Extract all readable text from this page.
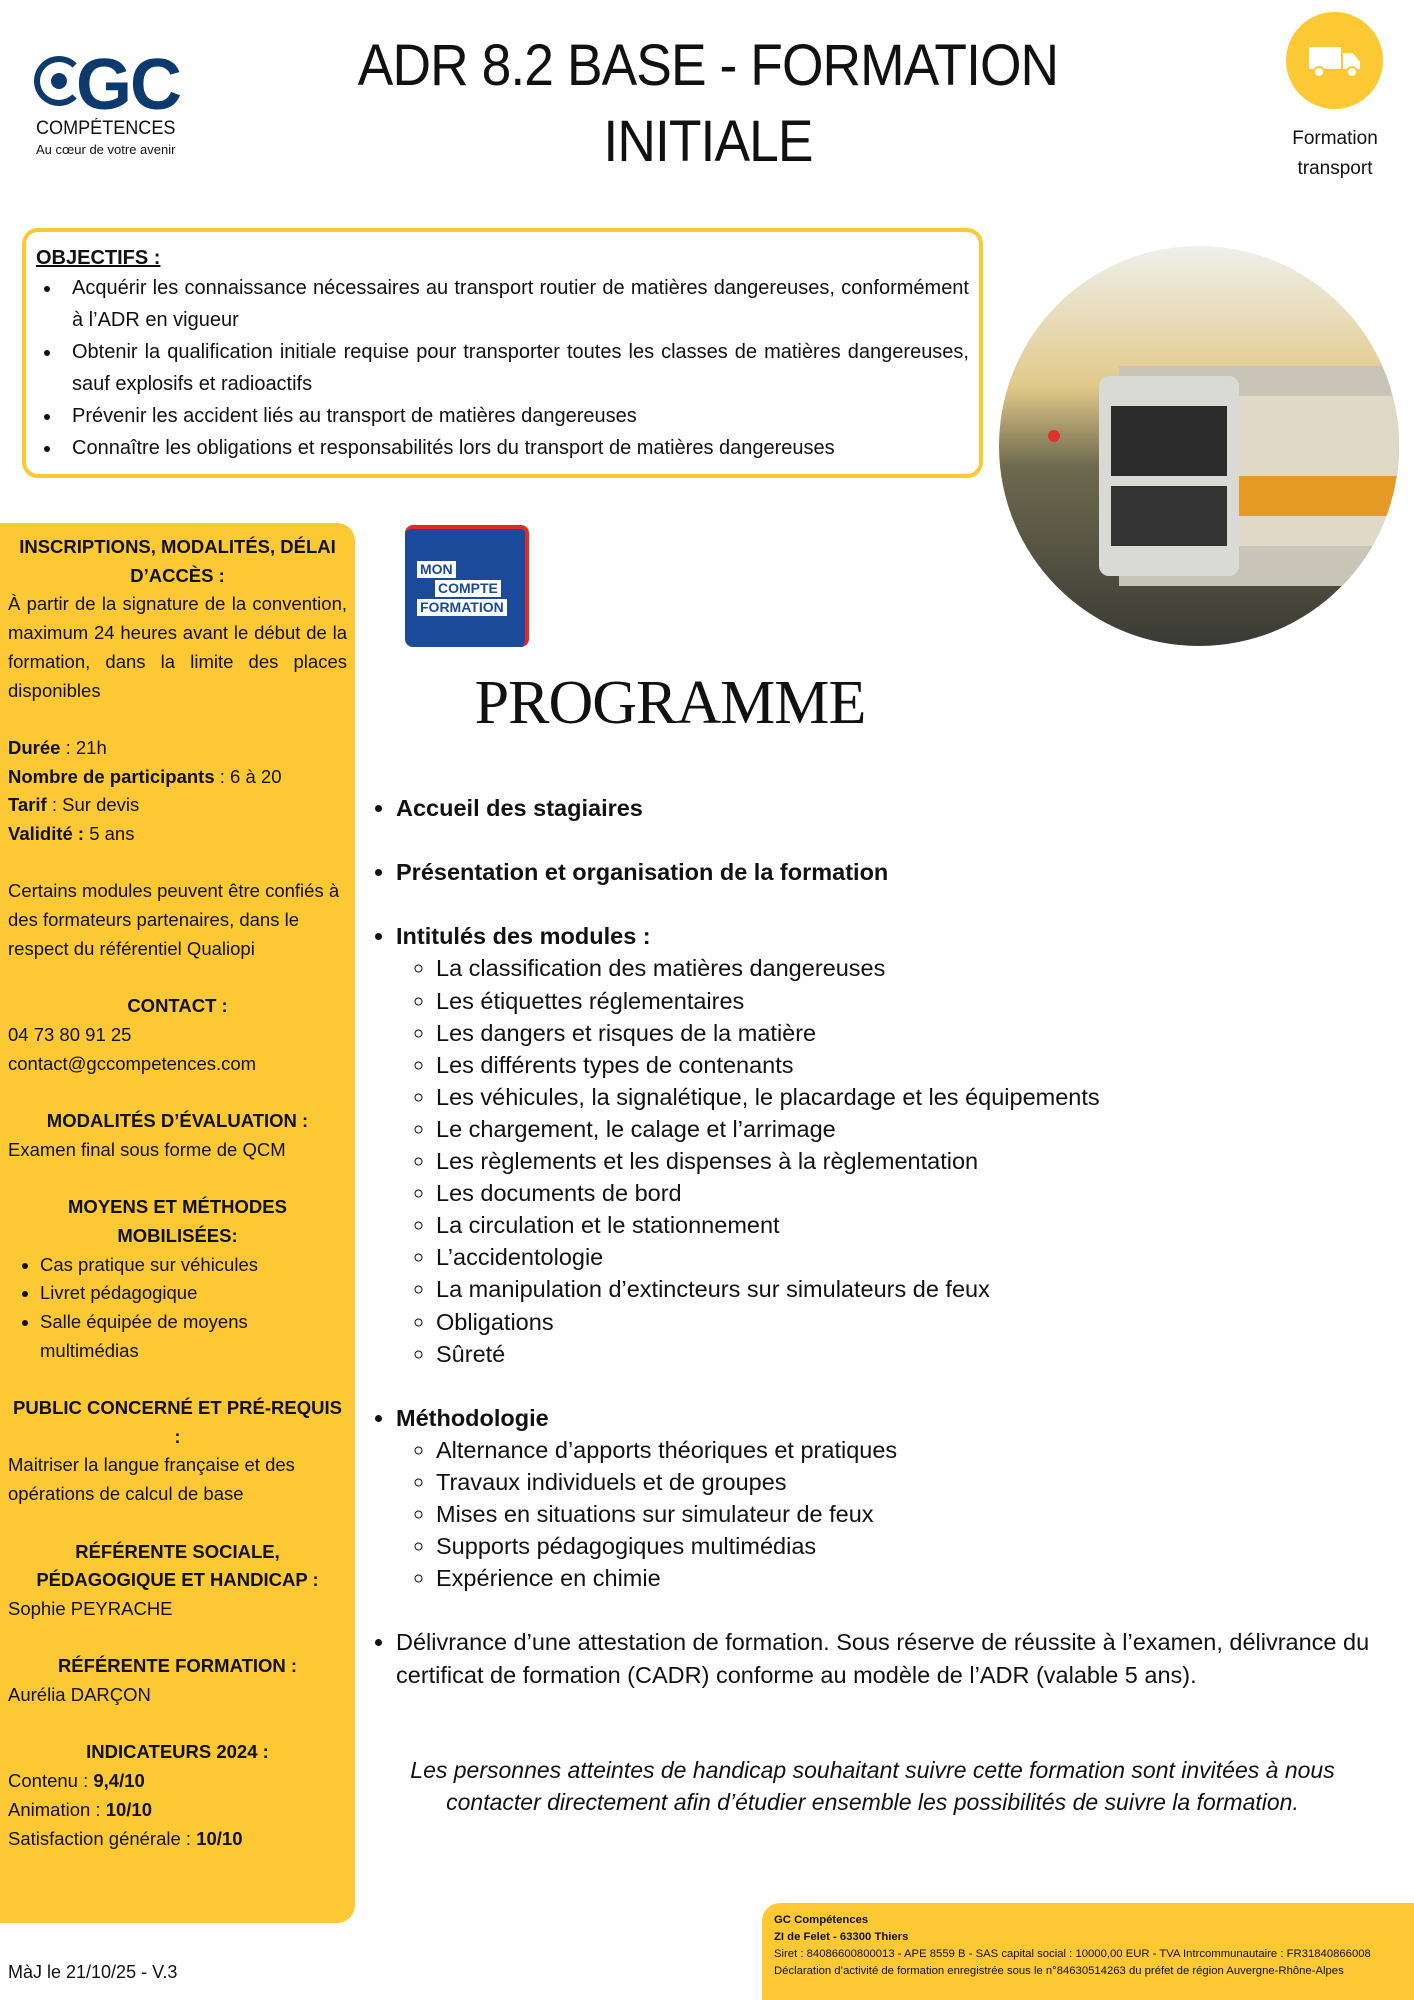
GC
COMPÉTENCES
Au cœur de votre avenir
ADR 8.2 BASE - FORMATION
INITIALE	Formation transport
OBJECTIFS :
• Acquérir les connaissance nécessaires au transport routier de matières dangereuses, conformément à l’ADR en vigueur
• Obtenir la qualification initiale requise pour transporter toutes les classes de matières dangereuses, sauf explosifs et radioactifs
• Prévenir les accident liés au transport de matières dangereuses
• Connaître les obligations et responsabilités lors du transport de matières dangereuses
INSCRIPTIONS, MODALITÉS, DÉLAI D’ACCÈS :
À partir de la signature de la convention, maximum 24 heures avant le début de la formation, dans la limite des places disponibles
Durée : 21h
Nombre de participants : 6 à 20
Tarif : Sur devis
Validité : 5 ans
Certains modules peuvent être confiés à des formateurs partenaires, dans le respect du référentiel Qualiopi
CONTACT :
04 73 80 91 25
contact@gccompetences.com
MODALITÉS D’ÉVALUATION :
Examen final sous forme de QCM
MOYENS ET MÉTHODES MOBILISÉES:
• Cas pratique sur véhicules
• Livret pédagogique
• Salle équipée de moyens multimédias
PUBLIC CONCERNÉ ET PRÉ-REQUIS :
Maitriser la langue française et des opérations de calcul de base
RÉFÉRENTE SOCIALE, PÉDAGOGIQUE ET HANDICAP :
Sophie PEYRACHE
RÉFÉRENTE FORMATION :
Aurélia DARÇON
INDICATEURS 2024 :
Contenu : 9,4/10
Animation : 10/10
Satisfaction générale : 10/10
MON
COMPTE
FORMATION
PROGRAMME
• Accueil des stagiaires
• Présentation et organisation de la formation
• Intitulés des modules :
◦ La classification des matières dangereuses
◦ Les étiquettes réglementaires
◦ Les dangers et risques de la matière
◦ Les différents types de contenants
◦ Les véhicules, la signalétique, le placardage et les équipements
◦ Le chargement, le calage et l’arrimage
◦ Les règlements et les dispenses à la règlementation
◦ Les documents de bord
◦ La circulation et le stationnement
◦ L’accidentologie
◦ La manipulation d’extincteurs sur simulateurs de feux
◦ Obligations
◦ Sûreté
• Méthodologie
◦ Alternance d’apports théoriques et pratiques
◦ Travaux individuels et de groupes
◦ Mises en situations sur simulateur de feux
◦ Supports pédagogiques multimédias
◦ Expérience en chimie
• Délivrance d’une attestation de formation. Sous réserve de réussite à l’examen, délivrance du certificat de formation (CADR) conforme au modèle de l’ADR (valable 5 ans).
Les personnes atteintes de handicap souhaitant suivre cette formation sont invitées à nous contacter directement afin d’étudier ensemble les possibilités de suivre la formation.
GC Compétences
ZI de Felet - 63300 Thiers
Siret : 84086600800013 - APE 8559 B - SAS capital social : 10000,00 EUR - TVA Intrcommunautaire : FR31840866008
Déclaration d’activité de formation enregistrée sous le n°84630514263 du préfet de région Auvergne-Rhône-Alpes
MàJ le 21/10/25 - V.3
